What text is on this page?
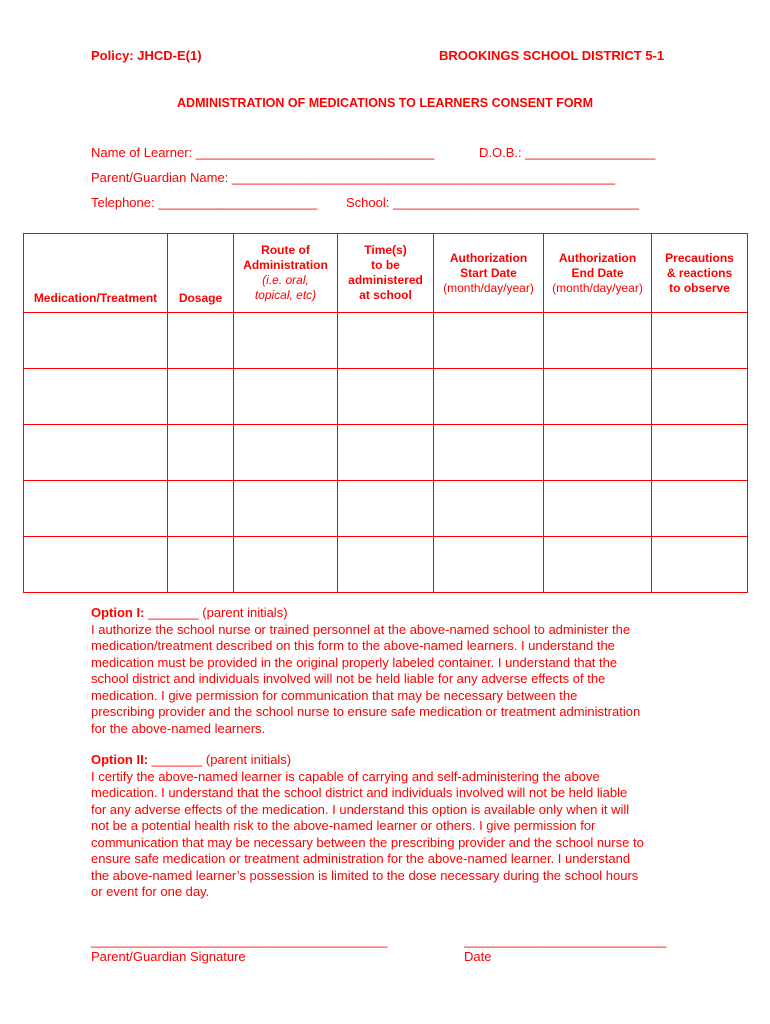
Policy: JHCD-E(1)	BROOKINGS SCHOOL DISTRICT 5-1
ADMINISTRATION OF MEDICATIONS TO LEARNERS CONSENT FORM
Name of Learner: _________________________________	D.O.B.: __________________
Parent/Guardian Name: _____________________________________________________
Telephone: ______________________ School: __________________________________
Medication/Treatment	Dosage	Route of
Administration
(i.e. oral,
topical, etc)	Time(s)
to be
administered
at school	Authorization
Start Date
(month/day/year)	Authorization
End Date
(month/day/year)	Precautions
& reactions
to observe

Option I: _______ (parent initials)
I authorize the school nurse or trained personnel at the above-named school to administer the
medication/treatment described on this form to the above-named learners. I understand the
medication must be provided in the original properly labeled container. I understand that the
school district and individuals involved will not be held liable for any adverse effects of the
medication. I give permission for communication that may be necessary between the
prescribing provider and the school nurse to ensure safe medication or treatment administration
for the above-named learners.
Option II: _______ (parent initials)
I certify the above-named learner is capable of carrying and self-administering the above
medication. I understand that the school district and individuals involved will not be held liable
for any adverse effects of the medication. I understand this option is available only when it will
not be a potential health risk to the above-named learner or others. I give permission for
communication that may be necessary between the prescribing provider and the school nurse to
ensure safe medication or treatment administration for the above-named learner. I understand
the above-named learner’s possession is limited to the dose necessary during the school hours
or event for one day.
_________________________________________
Parent/Guardian Signature
____________________________
Date
